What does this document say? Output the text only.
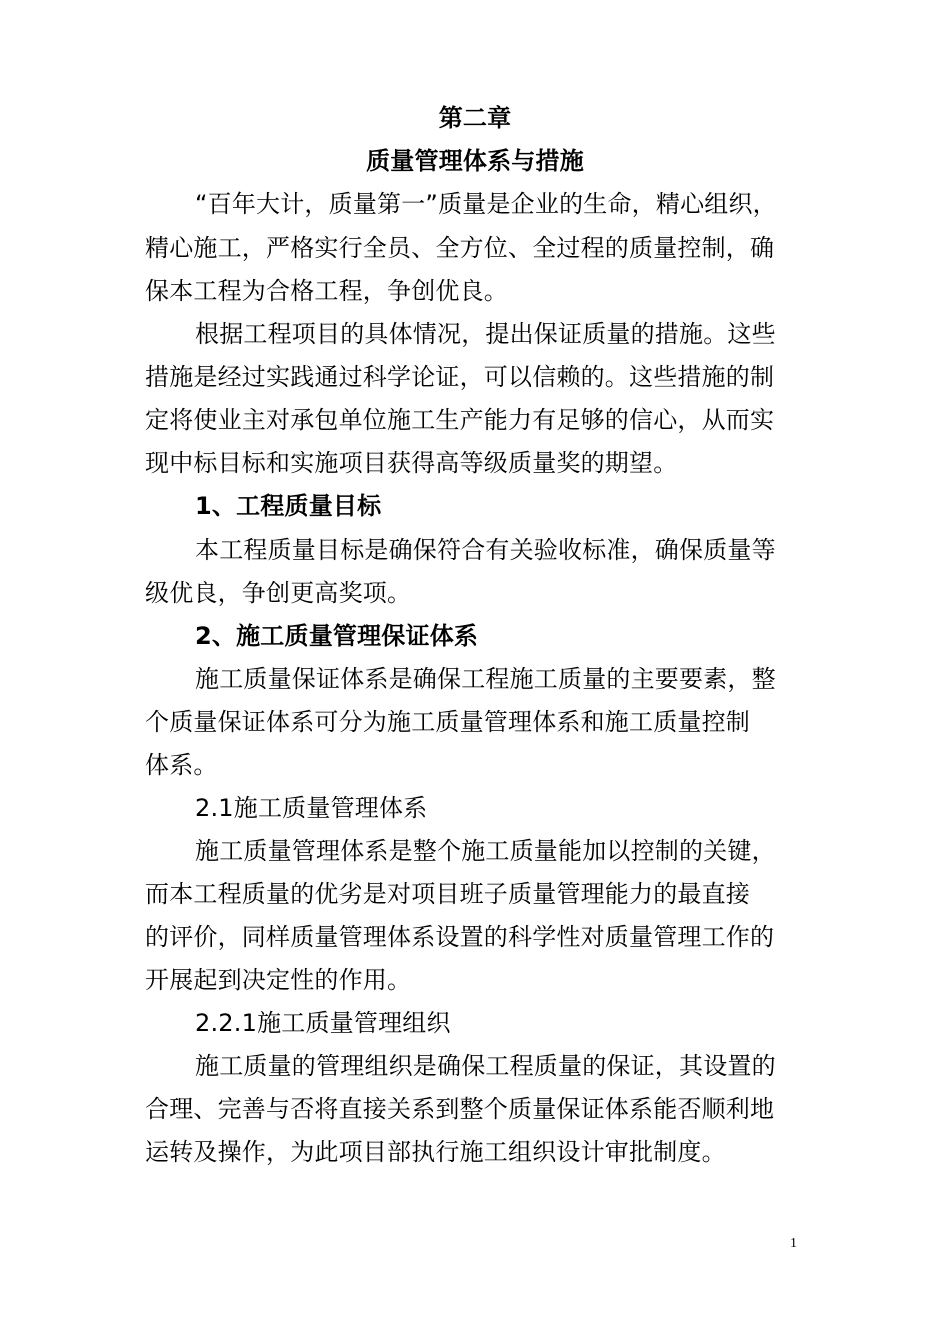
第二章
质量管理体系与措施
“百年大计，质量第一”质量是企业的生命，精心组织，
精心施工，严格实行全员、全方位、全过程的质量控制，确
保本工程为合格工程，争创优良。
根据工程项目的具体情况，提出保证质量的措施。这些
措施是经过实践通过科学论证，可以信赖的。这些措施的制
定将使业主对承包单位施工生产能力有足够的信心，从而实
现中标目标和实施项目获得高等级质量奖的期望。
1、工程质量目标
本工程质量目标是确保符合有关验收标准，确保质量等
级优良，争创更高奖项。
2、施工质量管理保证体系
施工质量保证体系是确保工程施工质量的主要要素，整
个质量保证体系可分为施工质量管理体系和施工质量控制
体系。
2.1施工质量管理体系
施工质量管理体系是整个施工质量能加以控制的关键，
而本工程质量的优劣是对项目班子质量管理能力的最直接
的评价，同样质量管理体系设置的科学性对质量管理工作的
开展起到决定性的作用。
2.2.1施工质量管理组织
施工质量的管理组织是确保工程质量的保证，其设置的
合理、完善与否将直接关系到整个质量保证体系能否顺利地
运转及操作，为此项目部执行施工组织设计审批制度。
1
